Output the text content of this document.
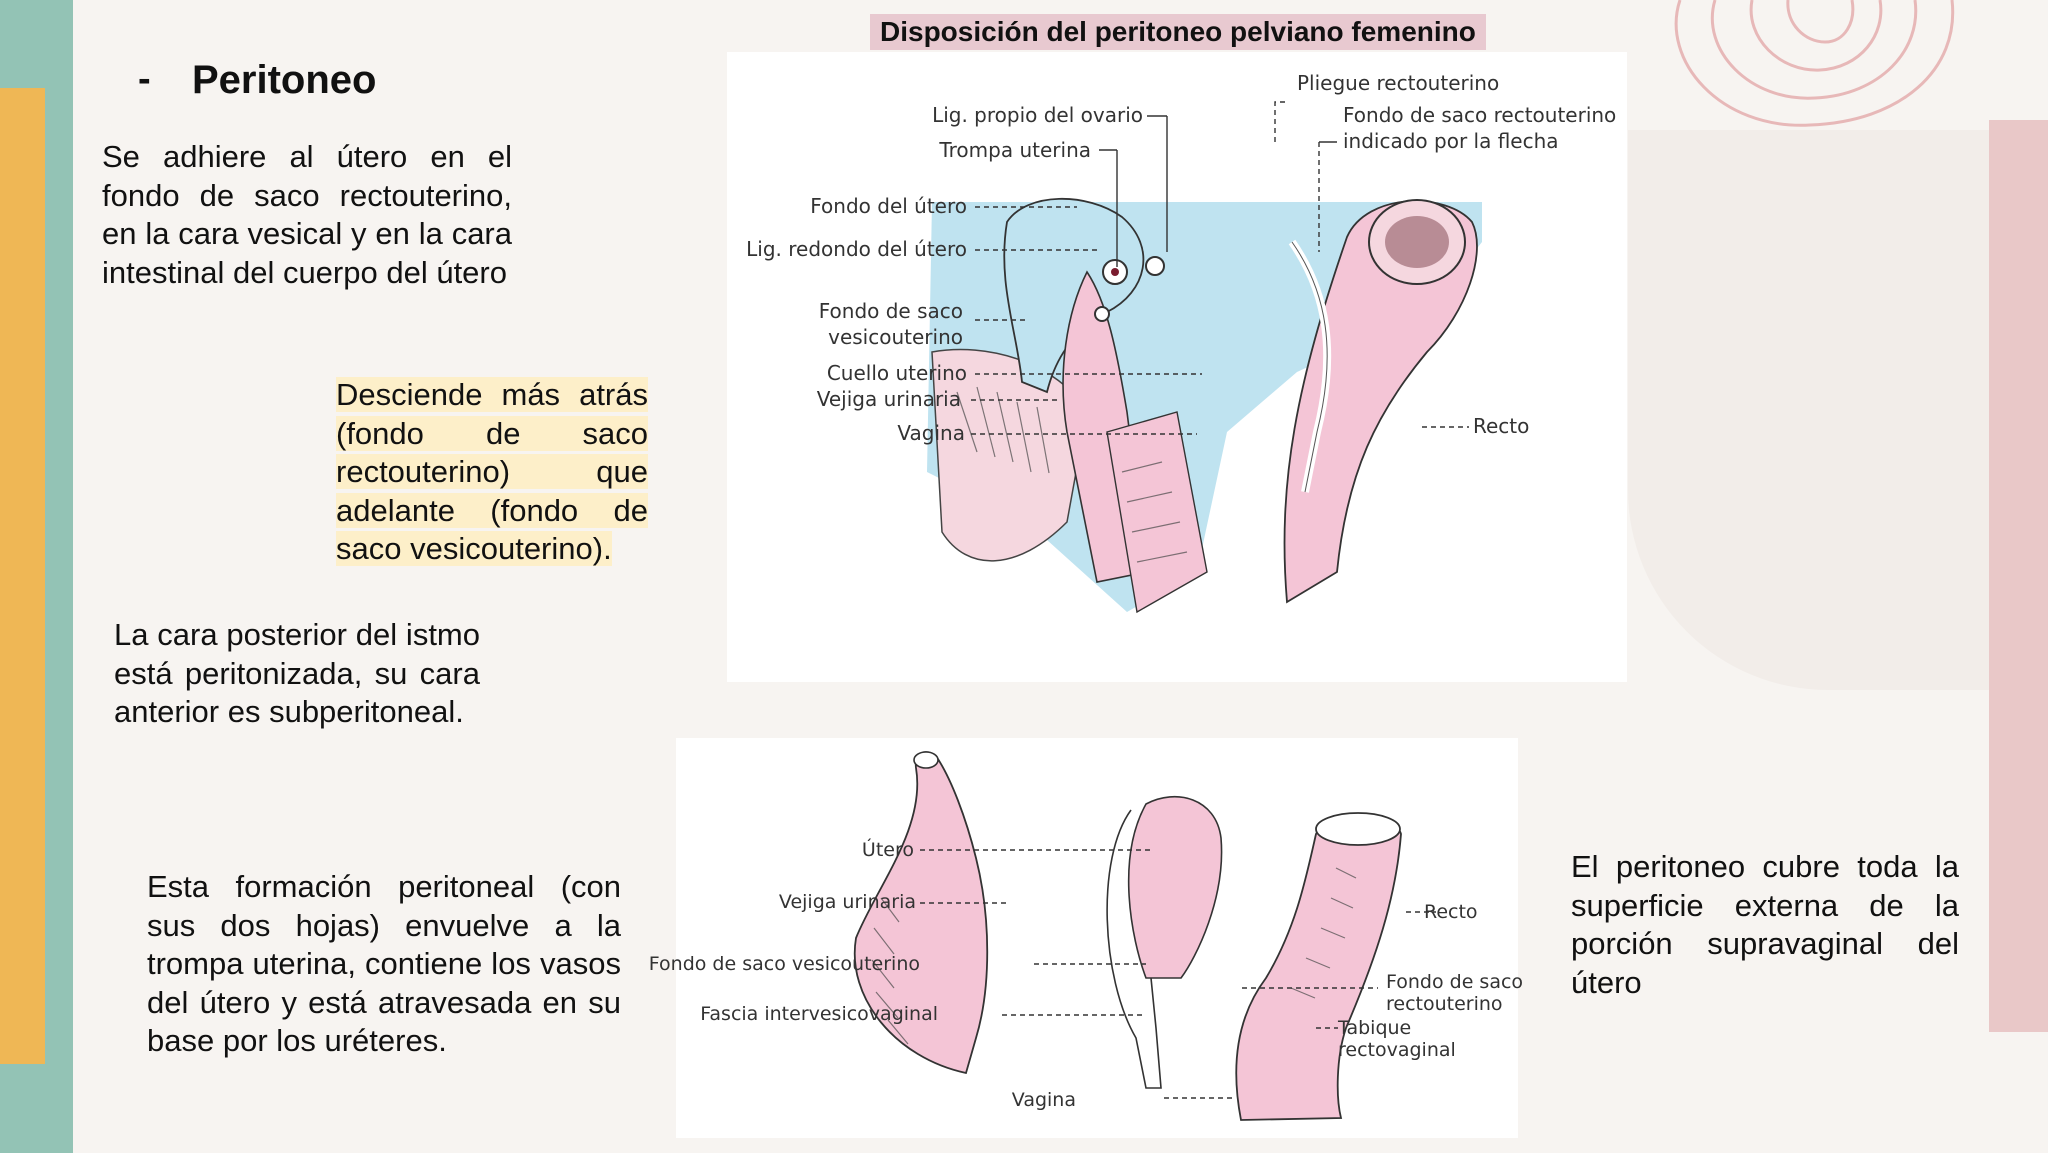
- Peritoneo
Se adhiere al útero en el fondo de saco rectouterino, en la cara vesical y en la cara intestinal del cuerpo del útero
Desciende más atrás (fondo de saco rectouterino) que adelante (fondo de saco vesicouterino).
La cara posterior del istmo está peritonizada, su cara anterior es subperitoneal.
Esta formación peritoneal (con sus dos hojas) envuelve a la trompa uterina, contiene los vasos del útero y está atravesada en su base por los uréteres.
El peritoneo cubre toda la superficie externa de la porción supravaginal del útero
Disposición del peritoneo pelviano femenino
Pliegue rectouterino
Lig. propio del ovario	Fondo de saco rectouterino
indicado por la flecha
Trompa uterina
Fondo del útero
Lig. redondo del útero
Fondo de saco
vesicouterino
Cuello uterino
Vejiga urinaria
Vagina	Recto
Útero
Vejiga urinaria
Fondo de saco vesicouterino
Fascia intervesicovaginal
Vagina
Recto
Fondo de saco
rectouterino
Tabique
rectovaginal
